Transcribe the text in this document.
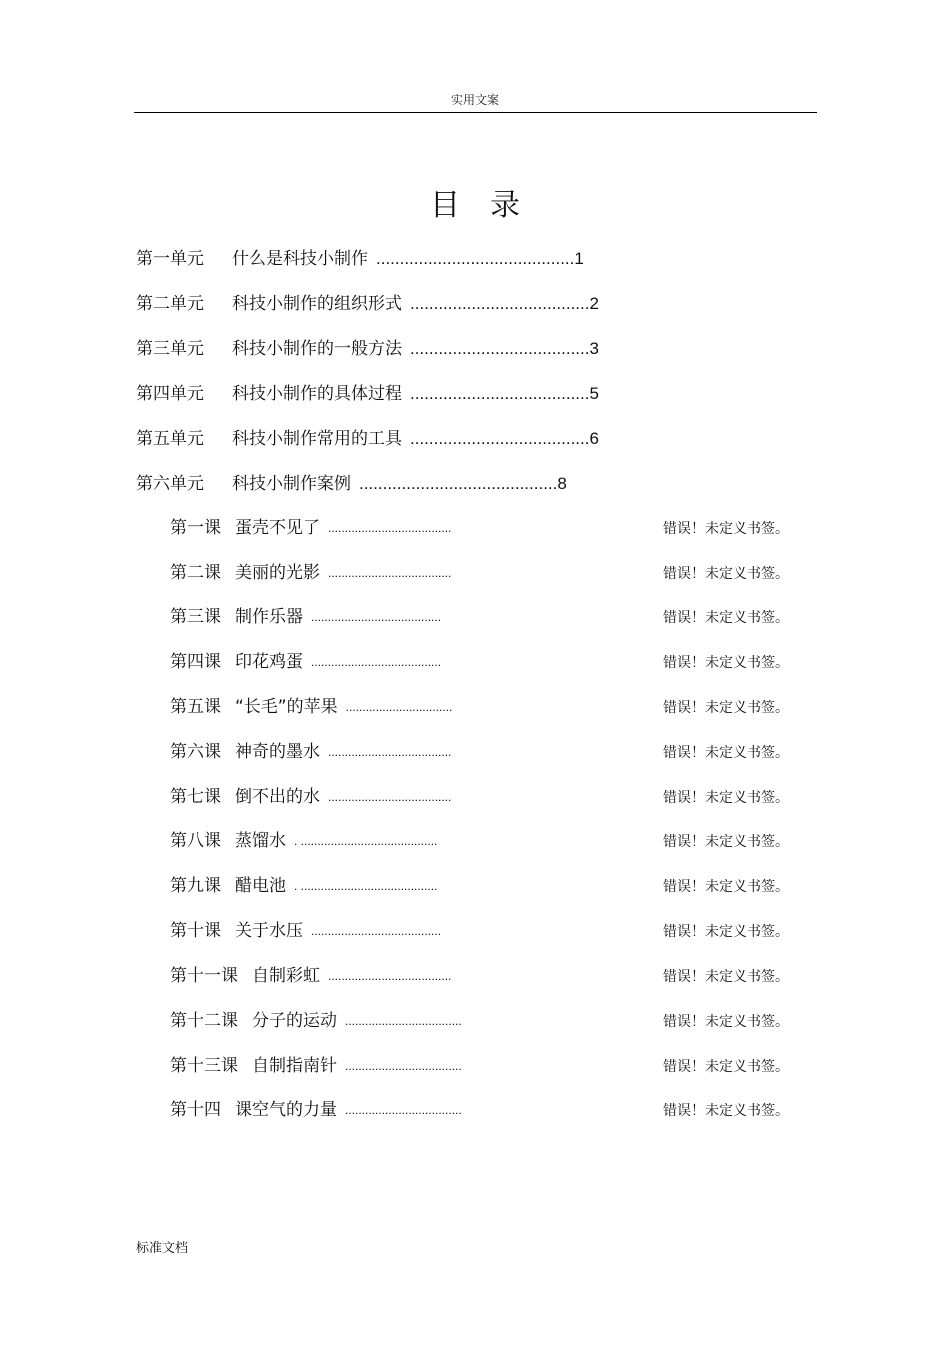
实用文案
目录
第一单元 什么是科技小制作 ..........................................1
第二单元 科技小制作的组织形式 ......................................2
第三单元 科技小制作的一般方法 ......................................3
第四单元 科技小制作的具体过程 ......................................5
第五单元 科技小制作常用的工具 ......................................6
第六单元 科技小制作案例 ..........................................8
第一课 蛋壳不见了 .....................................	错误！未定义书签。
第二课 美丽的光影 .....................................	错误！未定义书签。
第三课 制作乐器 .......................................	错误！未定义书签。
第四课 印花鸡蛋 .......................................	错误！未定义书签。
第五课 “长毛”的苹果 ................................	错误！未定义书签。
第六课 神奇的墨水 .....................................	错误！未定义书签。
第七课 倒不出的水 .....................................	错误！未定义书签。
第八课 蒸馏水 . .........................................	错误！未定义书签。
第九课 醋电池 . .........................................	错误！未定义书签。
第十课 关于水压 .......................................	错误！未定义书签。
第十一课 自制彩虹 .....................................	错误！未定义书签。
第十二课 分子的运动 ...................................	错误！未定义书签。
第十三课 自制指南针 ...................................	错误！未定义书签。
第十四 课空气的力量 ...................................	错误！未定义书签。
标准文档
